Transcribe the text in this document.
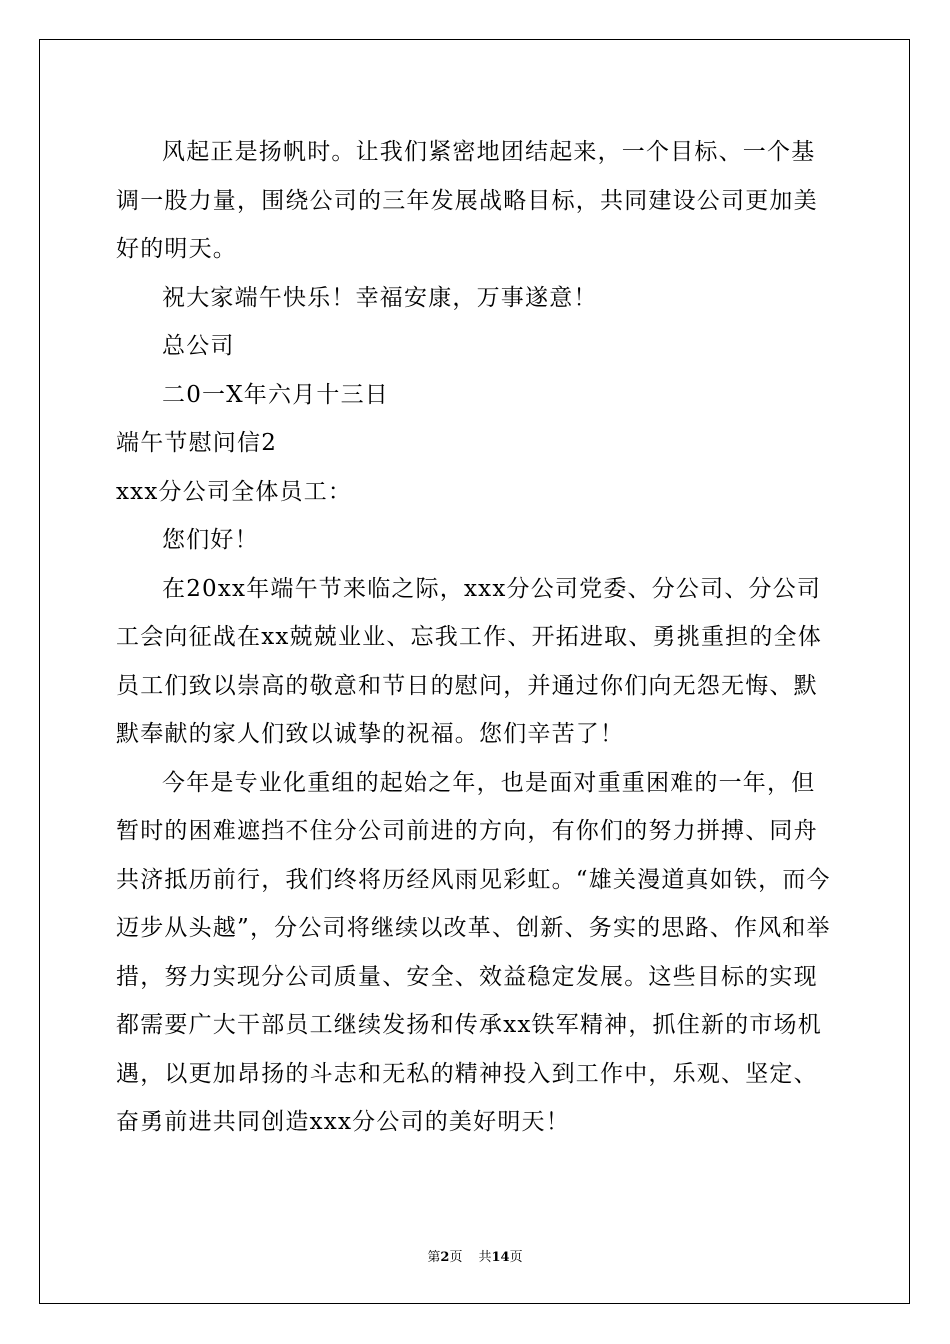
风起正是扬帆时。让我们紧密地团结起来，一个目标、一个基调一股力量，围绕公司的三年发展战略目标，共同建设公司更加美好的明天。

祝大家端午快乐！幸福安康，万事遂意！

总公司

二0一X年六月十三日

端午节慰问信2

xxx分公司全体员工：

您们好！

在20xx年端午节来临之际，xxx分公司党委、分公司、分公司工会向征战在xx兢兢业业、忘我工作、开拓进取、勇挑重担的全体员工们致以崇高的敬意和节日的慰问，并通过你们向无怨无悔、默默奉献的家人们致以诚挚的祝福。您们辛苦了！

今年是专业化重组的起始之年，也是面对重重困难的一年，但暂时的困难遮挡不住分公司前进的方向，有你们的努力拼搏、同舟共济抵历前行，我们终将历经风雨见彩虹。“雄关漫道真如铁，而今迈步从头越”，分公司将继续以改革、创新、务实的思路、作风和举措，努力实现分公司质量、安全、效益稳定发展。这些目标的实现都需要广大干部员工继续发扬和传承xx铁军精神，抓住新的市场机遇，以更加昂扬的斗志和无私的精神投入到工作中，乐观、坚定、奋勇前进共同创造xxx分公司的美好明天！

第2页 共14页
